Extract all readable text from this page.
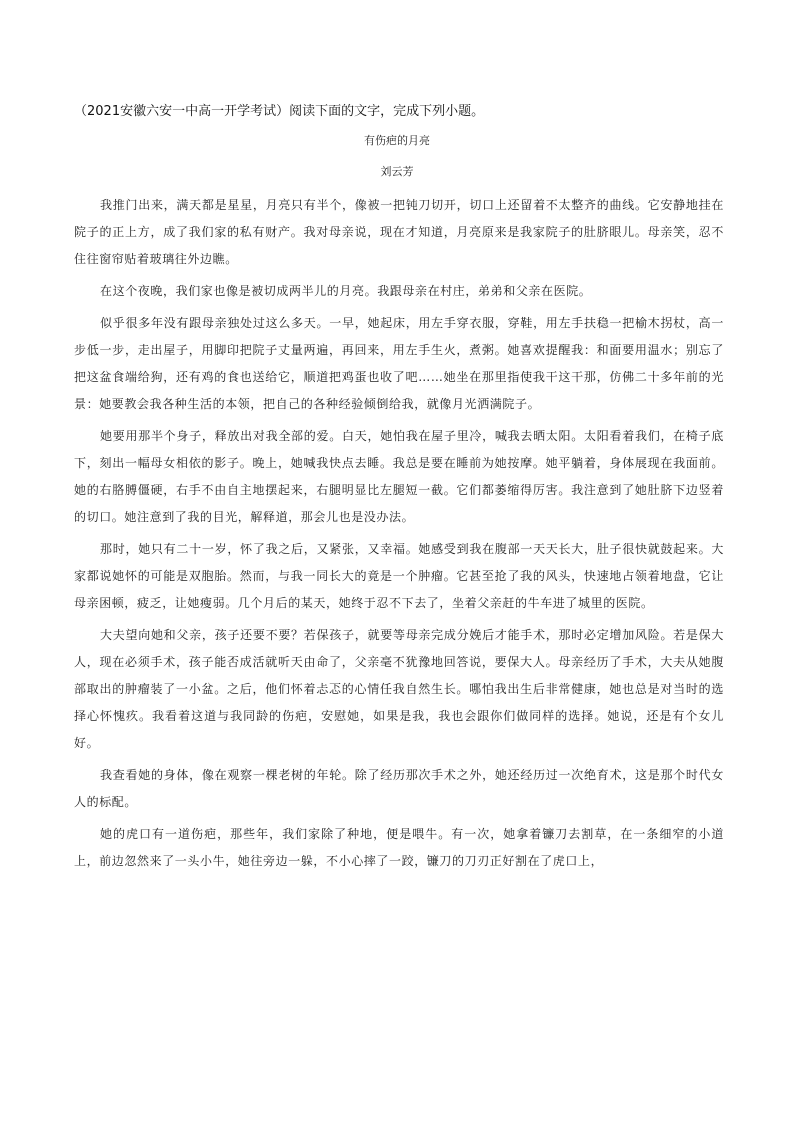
（2021安徽六安一中高一开学考试）阅读下面的文字，完成下列小题。
有伤疤的月亮
刘云芳

我推门出来，满天都是星星，月亮只有半个，像被一把钝刀切开，切口上还留着不太整齐的曲线。它安静地挂在院子的正上方，成了我们家的私有财产。我对母亲说，现在才知道，月亮原来是我家院子的肚脐眼儿。母亲笑，忍不住往窗帘贴着玻璃往外边瞧。

在这个夜晚，我们家也像是被切成两半儿的月亮。我跟母亲在村庄，弟弟和父亲在医院。

似乎很多年没有跟母亲独处过这么多天。一早，她起床，用左手穿衣服，穿鞋，用左手扶稳一把榆木拐杖，高一步低一步，走出屋子，用脚印把院子丈量两遍，再回来，用左手生火，煮粥。她喜欢提醒我：和面要用温水；别忘了把这盆食端给狗，还有鸡的食也送给它，顺道把鸡蛋也收了吧……她坐在那里指使我干这干那，仿佛二十多年前的光景：她要教会我各种生活的本领，把自己的各种经验倾倒给我，就像月光洒满院子。

她要用那半个身子，释放出对我全部的爱。白天，她怕我在屋子里冷，喊我去晒太阳。太阳看着我们，在椅子底下，刻出一幅母女相依的影子。晚上，她喊我快点去睡。我总是要在睡前为她按摩。她平躺着，身体展现在我面前。她的右胳膊僵硬，右手不由自主地摆起来，右腿明显比左腿短一截。它们都萎缩得厉害。我注意到了她肚脐下边竖着的切口。她注意到了我的目光，解释道，那会儿也是没办法。

那时，她只有二十一岁，怀了我之后，又紧张，又幸福。她感受到我在腹部一天天长大，肚子很快就鼓起来。大家都说她怀的可能是双胞胎。然而，与我一同长大的竟是一个肿瘤。它甚至抢了我的风头，快速地占领着地盘，它让母亲困顿，疲乏，让她瘦弱。几个月后的某天，她终于忍不下去了，坐着父亲赶的牛车进了城里的医院。

大夫望向她和父亲，孩子还要不要？若保孩子，就要等母亲完成分娩后才能手术，那时必定增加风险。若是保大人，现在必须手术，孩子能否成活就听天由命了，父亲毫不犹豫地回答说，要保大人。母亲经历了手术，大夫从她腹部取出的肿瘤装了一小盆。之后，他们怀着忐忑的心情任我自然生长。哪怕我出生后非常健康，她也总是对当时的选择心怀愧疚。我看着这道与我同龄的伤疤，安慰她，如果是我，我也会跟你们做同样的选择。她说，还是有个女儿好。

我查看她的身体，像在观察一棵老树的年轮。除了经历那次手术之外，她还经历过一次绝育术，这是那个时代女人的标配。

她的虎口有一道伤疤，那些年，我们家除了种地，便是喂牛。有一次，她拿着镰刀去割草，在一条细窄的小道上，前边忽然来了一头小牛，她往旁边一躲，不小心摔了一跤，镰刀的刀刃正好割在了虎口上，
